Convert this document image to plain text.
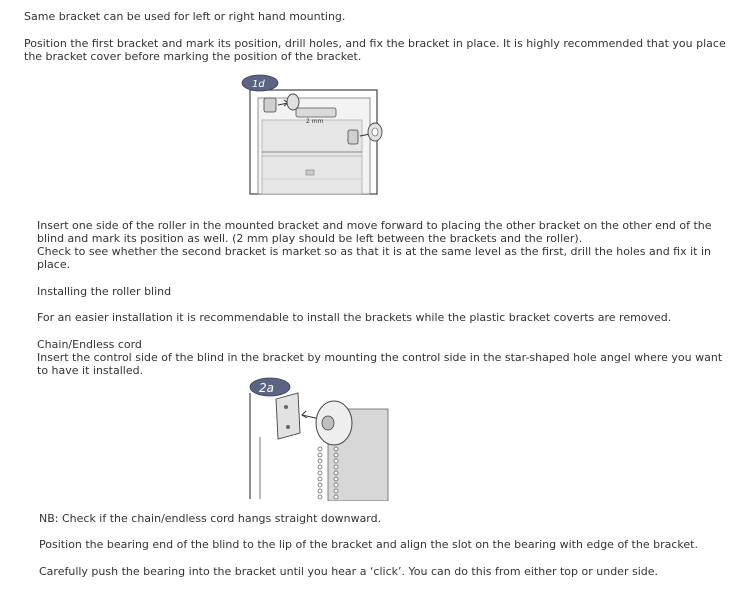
Same bracket can be used for left or right hand mounting.

Position the first bracket and mark its position, drill holes, and fix the bracket in place. It is highly recommended that you place the bracket cover before marking the position of the bracket.

2 mm
1d

Insert one side of the roller in the mounted bracket and move forward to placing the other bracket on the other end of the blind and mark its position as well. (2 mm play should be left between the brackets and the roller).

Check to see whether the second bracket is market so as that it is at the same level as the first, drill the holes and fix it in place.

Installing the roller blind

For an easier installation it is recommendable to install the brackets while the plastic bracket coverts are removed.

Chain/Endless cord

Insert the control side of the blind in the bracket by mounting the control side in the star-shaped hole angel where you want to have it installed.

2a

NB: Check if the chain/endless cord hangs straight downward.

Position the bearing end of the blind to the lip of the bracket and align the slot on the bearing with edge of the bracket.

Carefully push the bearing into the bracket until you hear a ‘click’. You can do this from either top or under side.
